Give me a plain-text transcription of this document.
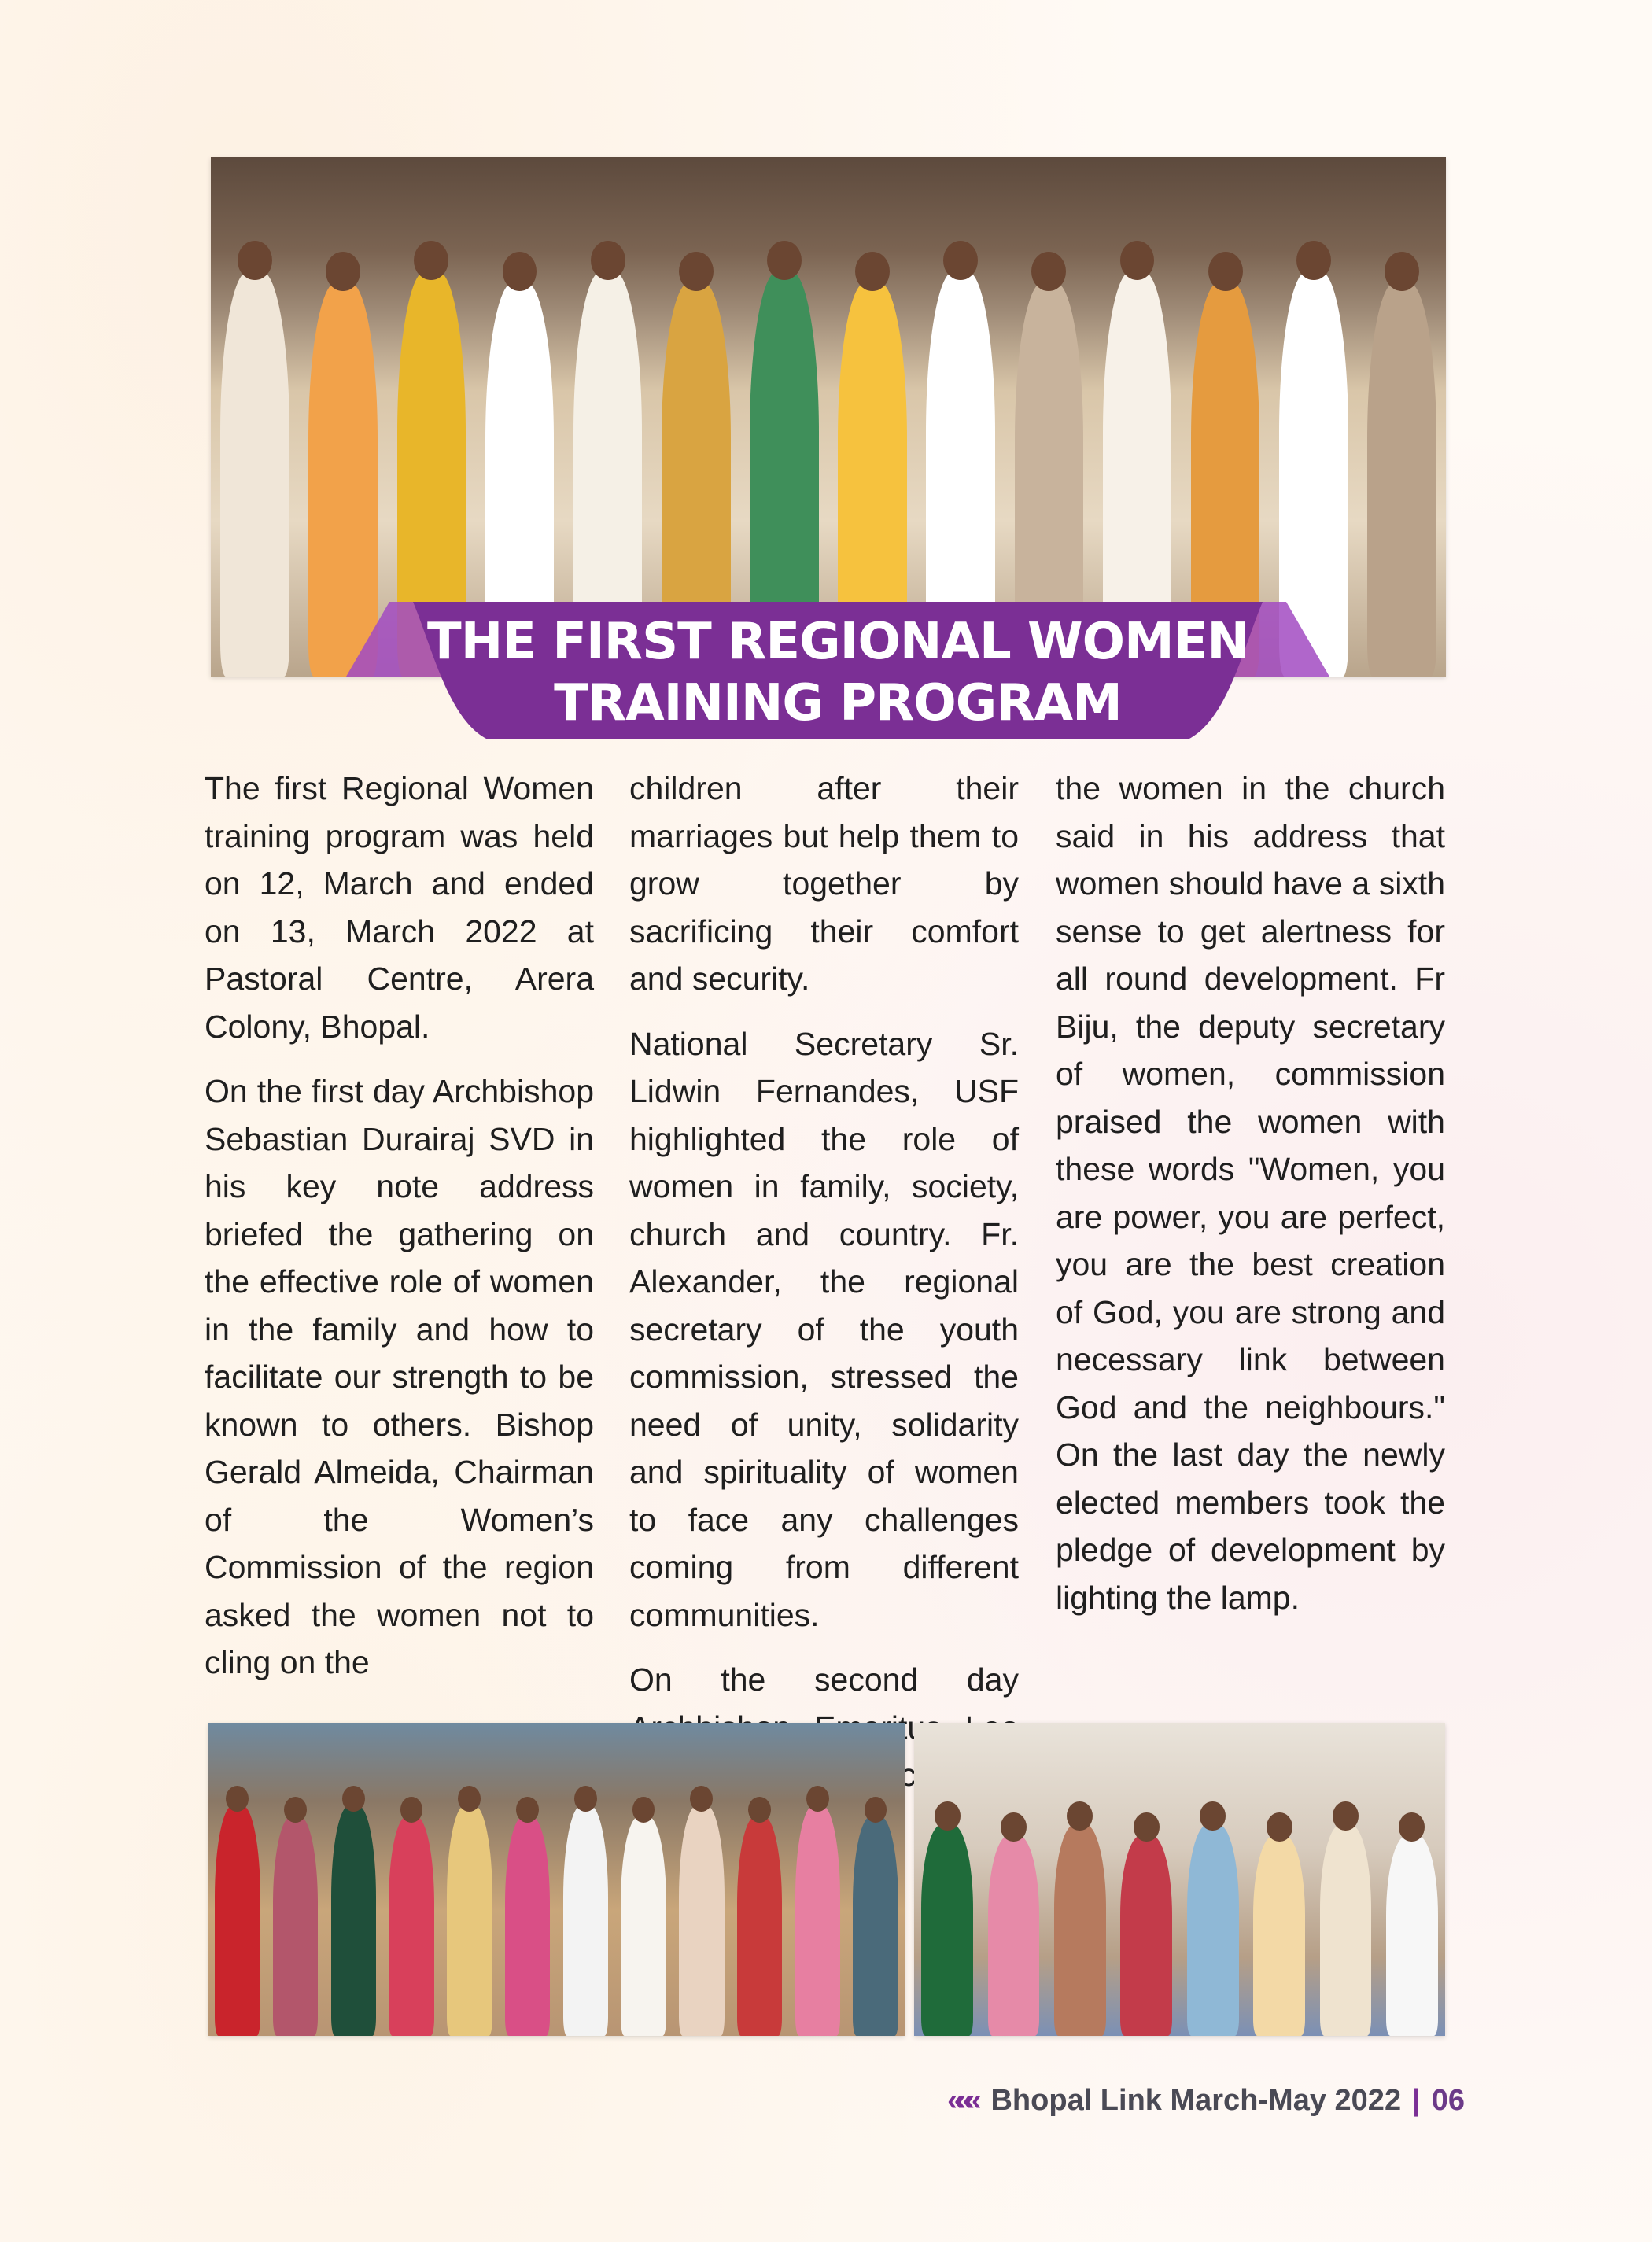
THE FIRST REGIONAL WOMEN
TRAINING PROGRAM

The first Regional Women training program was held on 12, March and ended on 13, March 2022 at Pastoral Centre, Arera Colony, Bhopal.

On the first day Archbishop Sebastian Durairaj SVD in his key note address briefed the gathering on the effective role of women in the family and how to facilitate our strength to be known to others. Bishop Gerald Almeida, Chairman of the Women’s Commission of the region asked the women not to cling on the

children after their marriages but help them to grow together by sacrificing their comfort and security.

National Secretary Sr. Lidwin Fernandes, USF highlighted the role of women in family, society, church and country. Fr. Alexander, the regional secretary of the youth commission, stressed the need of unity, solidarity and spirituality of women to face any challenges coming from different communities.

On the second day appreciating

the women in the church said in his address that women should have a sixth sense to get alertness for all round development. Fr Biju, the deputy secretary of women, commission praised the women with these words "Women, you are power, you are perfect, you are the best creation of God, you are strong and necessary link between God and the neighbours." On the last day the newly elected members took the pledge of development by lighting the lamp.

««« Bhopal Link March-May 2022 | 06
